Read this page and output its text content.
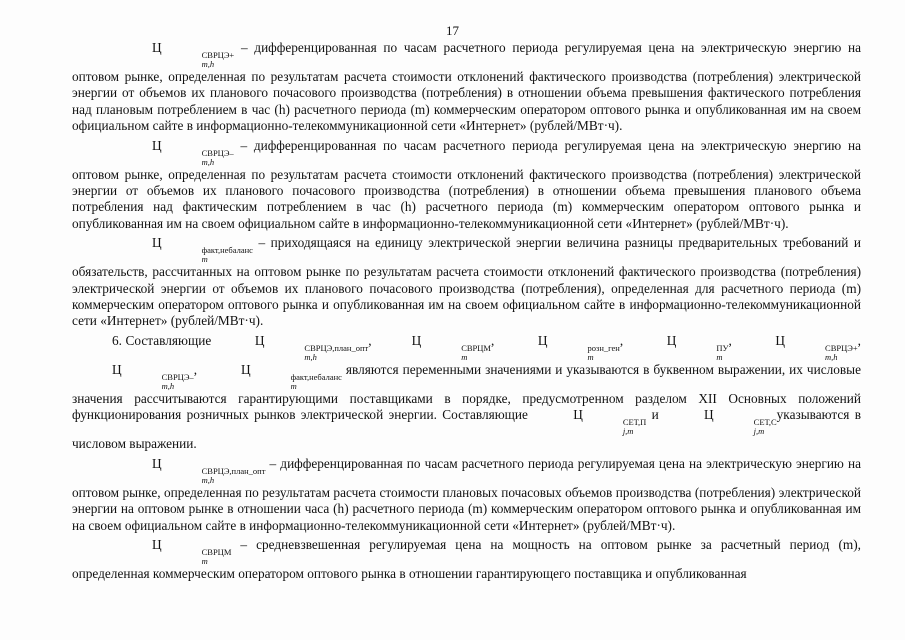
17

Ц	СВРЦЭ+
m,h
– дифференцированная по часам расчетного периода регулируемая цена на электрическую энергию на оптовом рынке, определенная по результатам расчета стоимости отклонений фактического производства (потребления) электрической энергии от объемов их планового почасового производства (потребления) в отношении объема превышения фактического потребления над плановым потреблением в час (h) расчетного периода (m) коммерческим оператором оптового рынка и опубликованная им на своем официальном сайте в информационно-телекоммуникационной сети «Интернет» (рублей/МВт·ч).

Ц	СВРЦЭ–
m,h
– дифференцированная по часам расчетного периода регулируемая цена на электрическую энергию на оптовом рынке, определенная по результатам расчета стоимости отклонений фактического производства (потребления) электрической энергии от объемов их планового почасового производства (потребления) в отношении объема превышения планового объема потребления над фактическим потреблением в час (h) расчетного периода (m) коммерческим оператором оптового рынка и опубликованная им на своем официальном сайте в информационно-телекоммуникационной сети «Интернет» (рублей/МВт·ч).

Ц	факт,небаланс
m
– приходящаяся на единицу электрической энергии величина разницы предварительных требований и обязательств, рассчитанных на оптовом рынке по результатам расчета стоимости отклонений фактического производства (потребления) электрической энергии от объемов их планового почасового производства (потребления), определенная для расчетного периода (m) коммерческим оператором оптового рынка и опубликованная им на своем официальном сайте в информационно-телекоммуникационной сети «Интернет» (рублей/МВт·ч).

6. Составляющие	Ц	СВРЦЭ,план_опт
m,h
,	Ц	СВРЦМ
m
,	Ц	розн_ген
m
,	Ц	ПУ
m
,	Ц	СВРЦЭ+
m,h
, Ц	СВРЦЭ–
m,h
,	Ц	факт,небаланс
m
являются переменными значениями и указываются в буквенном выражении, их числовые значения рассчитываются гарантирующими поставщиками в порядке, предусмотренном разделом XII Основных положений функционирования розничных рынков электрической энергии. Составляющие	Ц	СЕТ,П
j,m
и	Ц	СЕТ,С
j,m
указываются в числовом выражении.

Ц	СВРЦЭ,план_опт
m,h
– дифференцированная по часам расчетного периода регулируемая цена на электрическую энергию на оптовом рынке, определенная по результатам расчета стоимости плановых почасовых объемов производства (потребления) электрической энергии на оптовом рынке в отношении часа (h) расчетного периода (m) коммерческим оператором оптового рынка и опубликованная им на своем официальном сайте в информационно-телекоммуникационной сети «Интернет» (рублей/МВт·ч).

Ц	СВРЦМ
m
– средневзвешенная регулируемая цена на мощность на оптовом рынке за расчетный период (m), определенная коммерческим оператором оптового рынка в отношении гарантирующего поставщика и опубликованная
